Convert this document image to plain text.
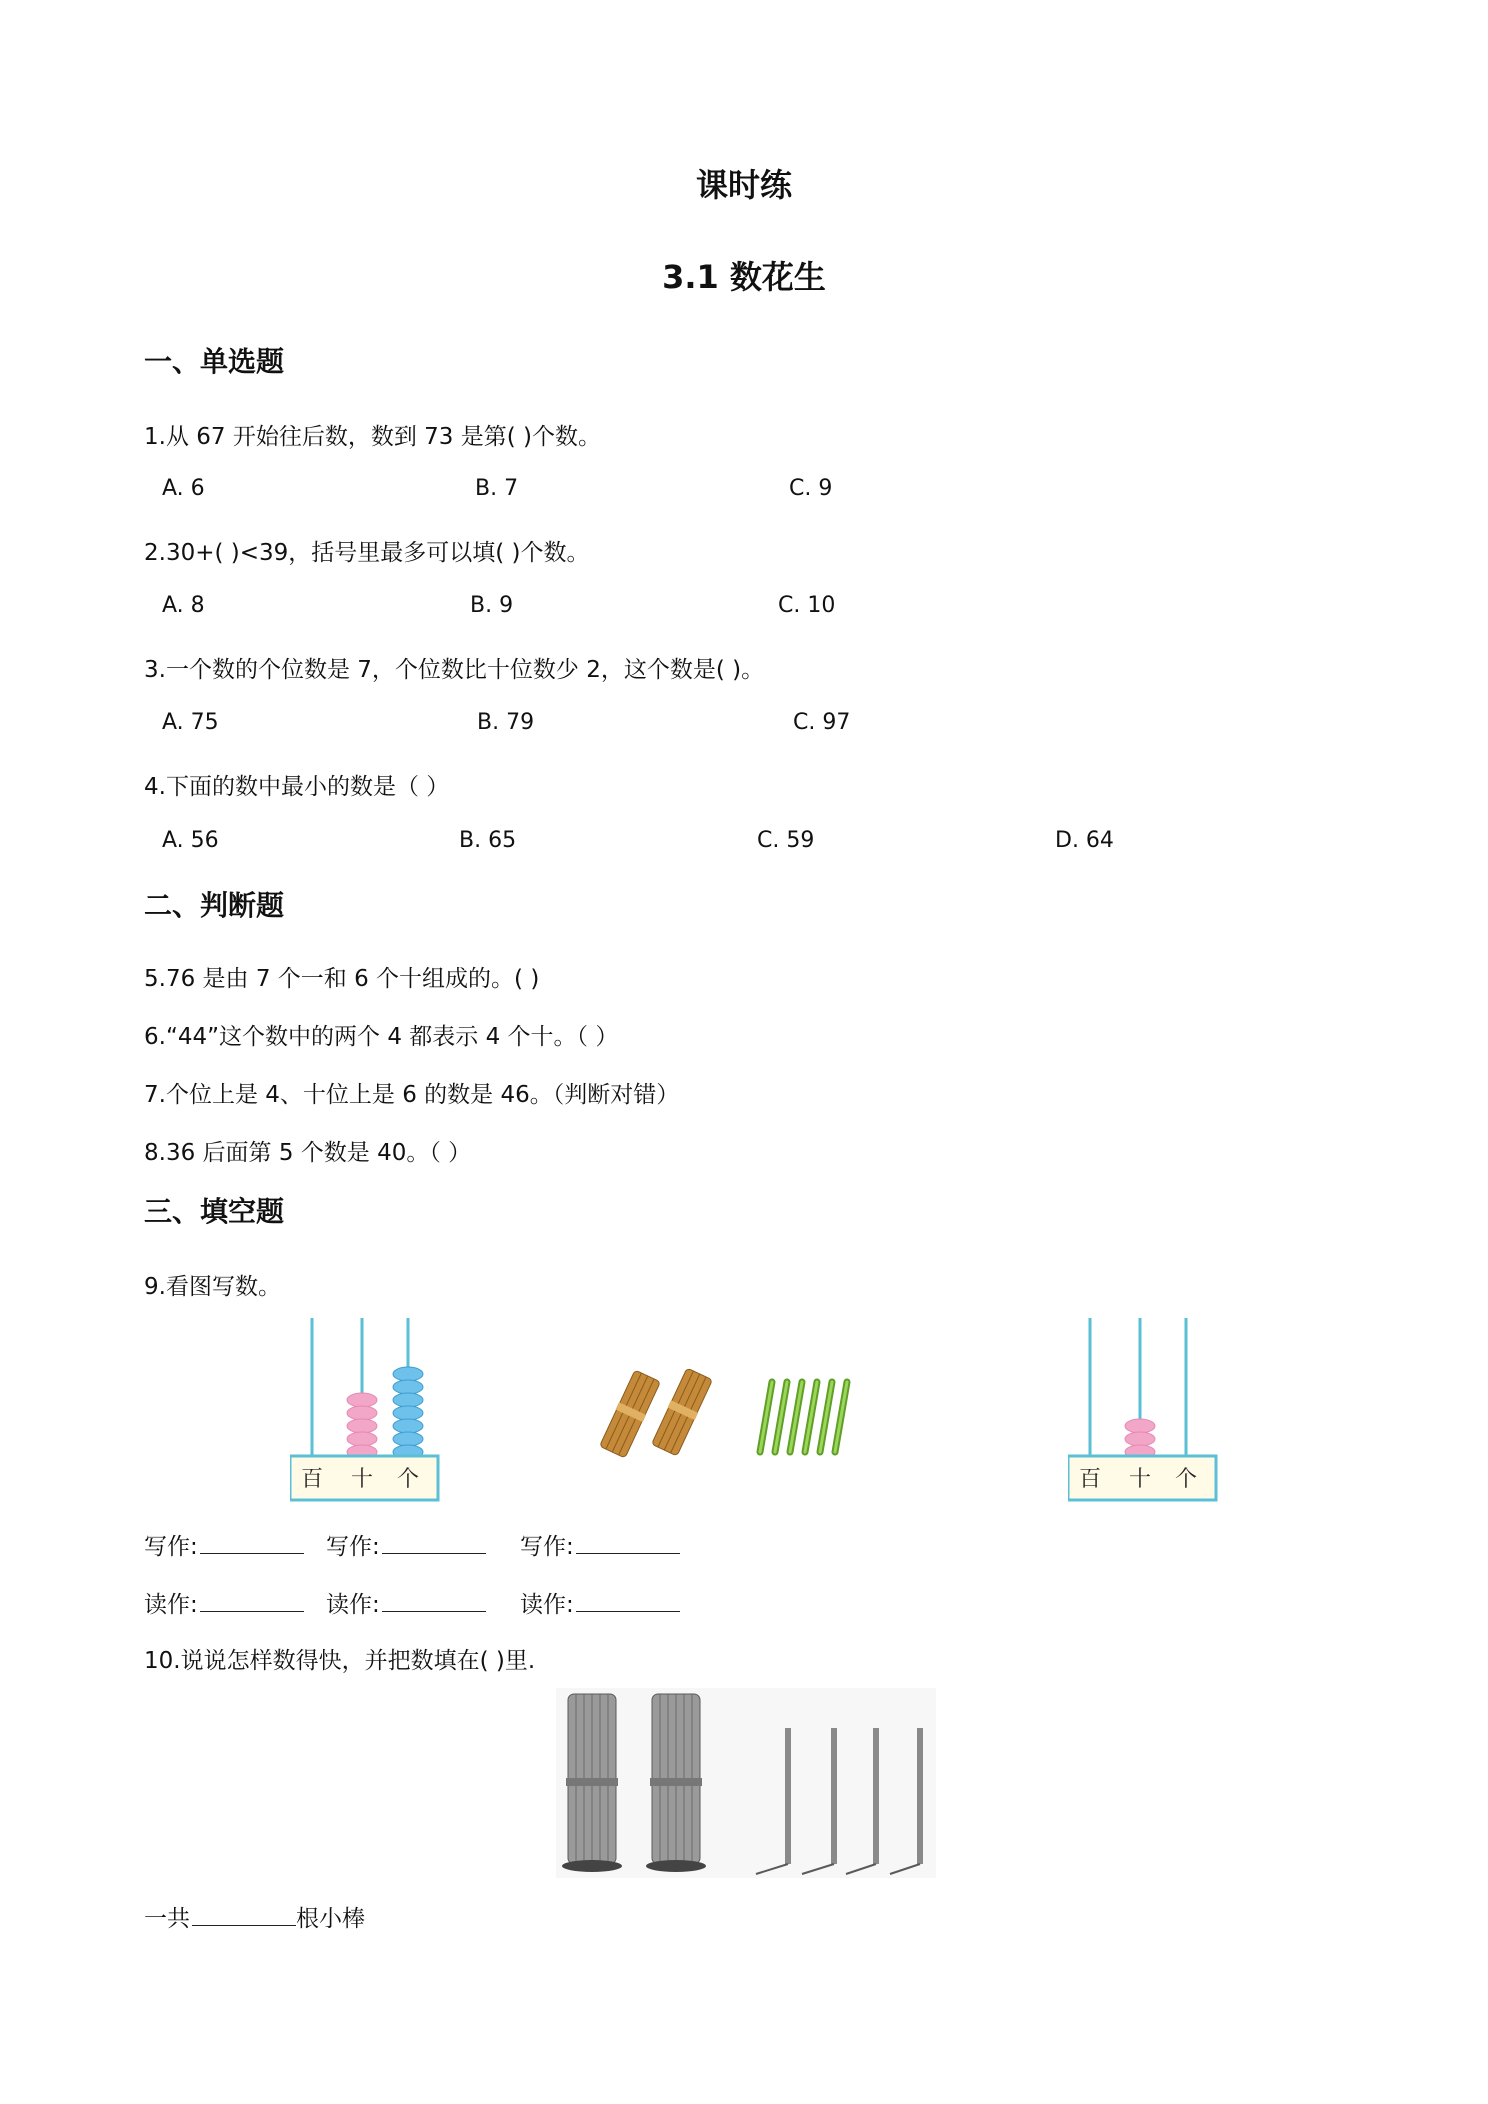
课时练
3.1 数花生
一、单选题
1.从 67 开始往后数，数到 73 是第( )个数。
A. 6	B. 7	C. 9
2.30+( )<39，括号里最多可以填( )个数。
A. 8	B. 9	C. 10
3.一个数的个位数是 7，个位数比十位数少 2，这个数是( )。
A. 75	B. 79	C. 97
4.下面的数中最小的数是（ ）
A. 56	B. 65	C. 59	D. 64
二、判断题
5.76 是由 7 个一和 6 个十组成的。( )
6.“44”这个数中的两个 4 都表示 4 个十。（ ）
7.个位上是 4、十位上是 6 的数是 46。（判断对错）
8.36 后面第 5 个数是 40。（ ）
三、填空题
9.看图写数。
百 十 个	百 十 个
写作:	写作:	写作:
读作:	读作:	读作:
10.说说怎样数得快，并把数填在( )里.
一共	根小棒
